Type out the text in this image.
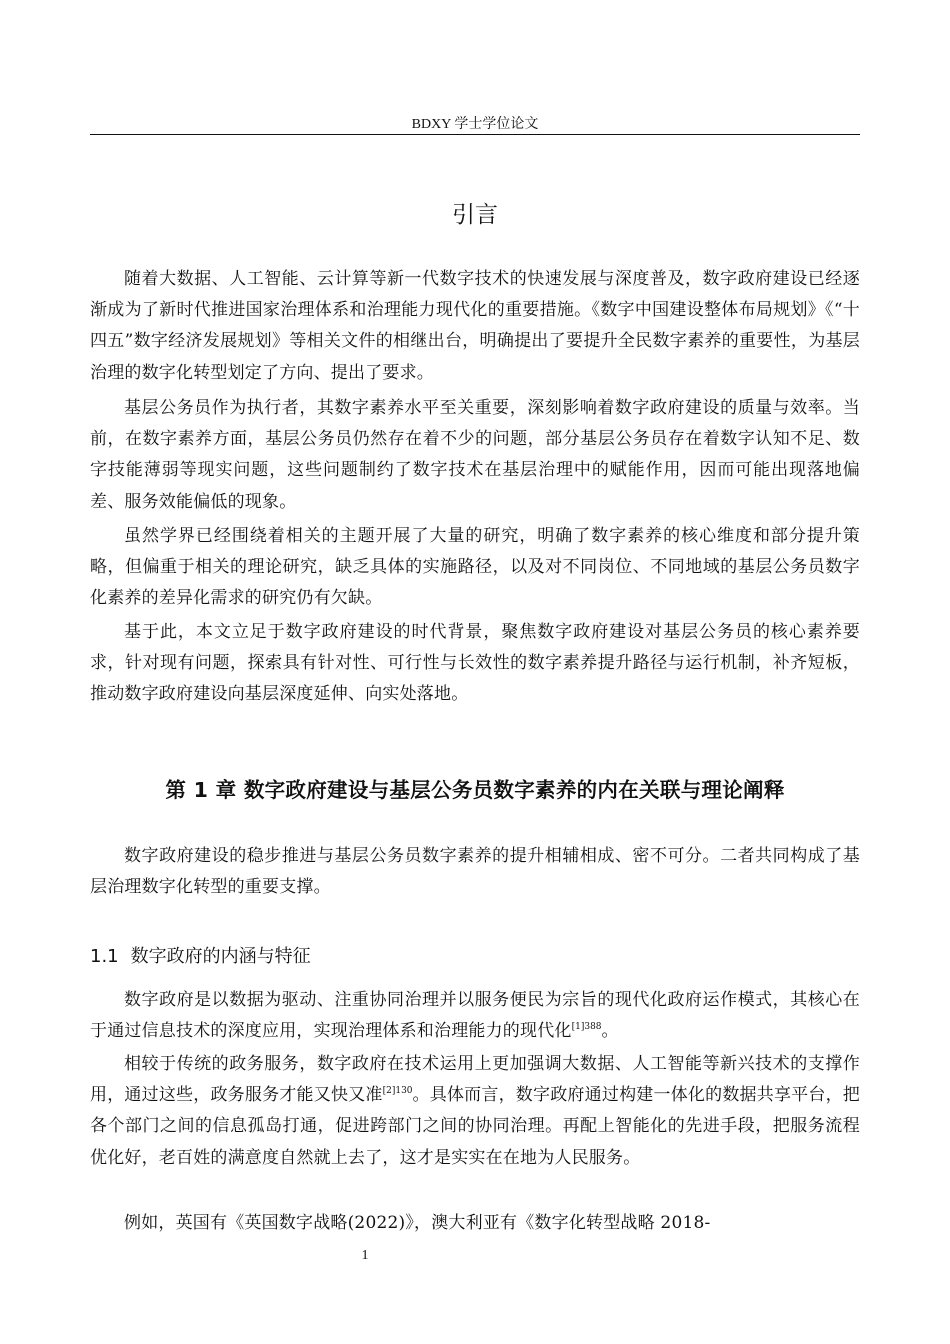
BDXY 学士学位论文
引言

随着大数据、人工智能、云计算等新一代数字技术的快速发展与深度普及，数字政府建设已经逐渐成为了新时代推进国家治理体系和治理能力现代化的重要措施。《数字中国建设整体布局规划》《“十四五”数字经济发展规划》等相关文件的相继出台，明确提出了要提升全民数字素养的重要性，为基层治理的数字化转型划定了方向、提出了要求。

基层公务员作为执行者，其数字素养水平至关重要，深刻影响着数字政府建设的质量与效率。当前，在数字素养方面，基层公务员仍然存在着不少的问题，部分基层公务员存在着数字认知不足、数字技能薄弱等现实问题，这些问题制约了数字技术在基层治理中的赋能作用，因而可能出现落地偏差、服务效能偏低的现象。

虽然学界已经围绕着相关的主题开展了大量的研究，明确了数字素养的核心维度和部分提升策略，但偏重于相关的理论研究，缺乏具体的实施路径，以及对不同岗位、不同地域的基层公务员数字化素养的差异化需求的研究仍有欠缺。

基于此，本文立足于数字政府建设的时代背景，聚焦数字政府建设对基层公务员的核心素养要求，针对现有问题，探索具有针对性、可行性与长效性的数字素养提升路径与运行机制，补齐短板，推动数字政府建设向基层深度延伸、向实处落地。

第 1 章 数字政府建设与基层公务员数字素养的内在关联与理论阐释

数字政府建设的稳步推进与基层公务员数字素养的提升相辅相成、密不可分。二者共同构成了基层治理数字化转型的重要支撑。

1.1 数字政府的内涵与特征

数字政府是以数据为驱动、注重协同治理并以服务便民为宗旨的现代化政府运作模式，其核心在于通过信息技术的深度应用，实现治理体系和治理能力的现代化$^{[1]388}$。

相较于传统的政务服务，数字政府在技术运用上更加强调大数据、人工智能等新兴技术的支撑作用，通过这些，政务服务才能又快又准$^{[2]130}$。具体而言，数字政府通过构建一体化的数据共享平台，把各个部门之间的信息孤岛打通，促进跨部门之间的协同治理。再配上智能化的先进手段，把服务流程优化好，老百姓的满意度自然就上去了，这才是实实在在地为人民服务。

例如，英国有《英国数字战略(2022)》，澳大利亚有《数字化转型战略 2018-

1
